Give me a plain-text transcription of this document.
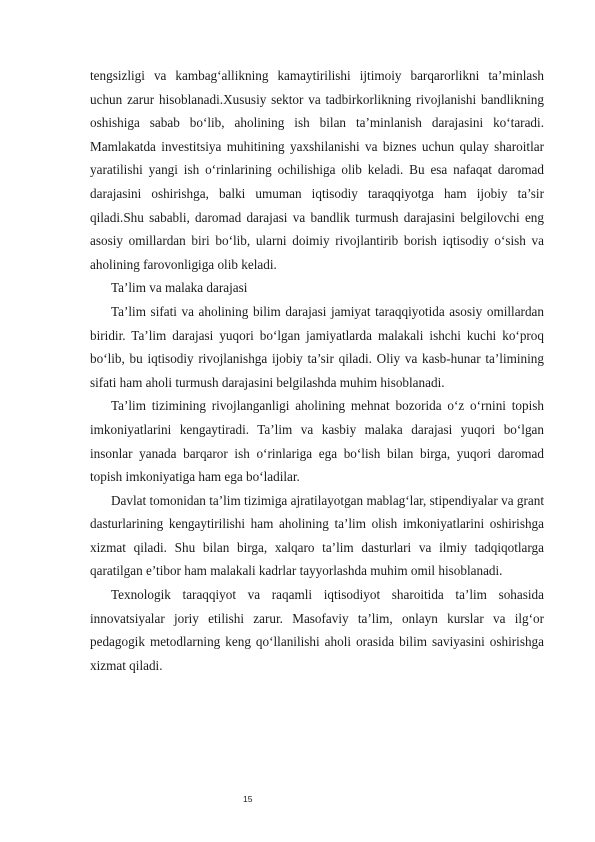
tengsizligi va kambag‘allikning kamaytirilishi ijtimoiy barqarorlikni ta’minlash uchun zarur hisoblanadi.Xususiy sektor va tadbirkorlikning rivojlanishi bandlikning oshishiga sabab bo‘lib, aholining ish bilan ta’minlanish darajasini ko‘taradi. Mamlakatda investitsiya muhitining yaxshilanishi va biznes uchun qulay sharoitlar yaratilishi yangi ish o‘rinlarining ochilishiga olib keladi. Bu esa nafaqat daromad darajasini oshirishga, balki umuman iqtisodiy taraqqiyotga ham ijobiy ta’sir qiladi.Shu sababli, daromad darajasi va bandlik turmush darajasini belgilovchi eng asosiy omillardan biri bo‘lib, ularni doimiy rivojlantirib borish iqtisodiy o‘sish va aholining farovonligiga olib keladi.

Ta’lim va malaka darajasi

Ta’lim sifati va aholining bilim darajasi jamiyat taraqqiyotida asosiy omillardan biridir. Ta’lim darajasi yuqori bo‘lgan jamiyatlarda malakali ishchi kuchi ko‘proq bo‘lib, bu iqtisodiy rivojlanishga ijobiy ta’sir qiladi. Oliy va kasb-hunar ta’limining sifati ham aholi turmush darajasini belgilashda muhim hisoblanadi.

Ta’lim tizimining rivojlanganligi aholining mehnat bozorida o‘z o‘rnini topish imkoniyatlarini kengaytiradi. Ta’lim va kasbiy malaka darajasi yuqori bo‘lgan insonlar yanada barqaror ish o‘rinlariga ega bo‘lish bilan birga, yuqori daromad topish imkoniyatiga ham ega bo‘ladilar.

Davlat tomonidan ta’lim tizimiga ajratilayotgan mablag‘lar, stipendiyalar va grant dasturlarining kengaytirilishi ham aholining ta’lim olish imkoniyatlarini oshirishga xizmat qiladi. Shu bilan birga, xalqaro ta’lim dasturlari va ilmiy tadqiqotlarga qaratilgan e’tibor ham malakali kadrlar tayyorlashda muhim omil hisoblanadi.

Texnologik taraqqiyot va raqamli iqtisodiyot sharoitida ta’lim sohasida innovatsiyalar joriy etilishi zarur. Masofaviy ta’lim, onlayn kurslar va ilg‘or pedagogik metodlarning keng qo‘llanilishi aholi orasida bilim saviyasini oshirishga xizmat qiladi.

15
